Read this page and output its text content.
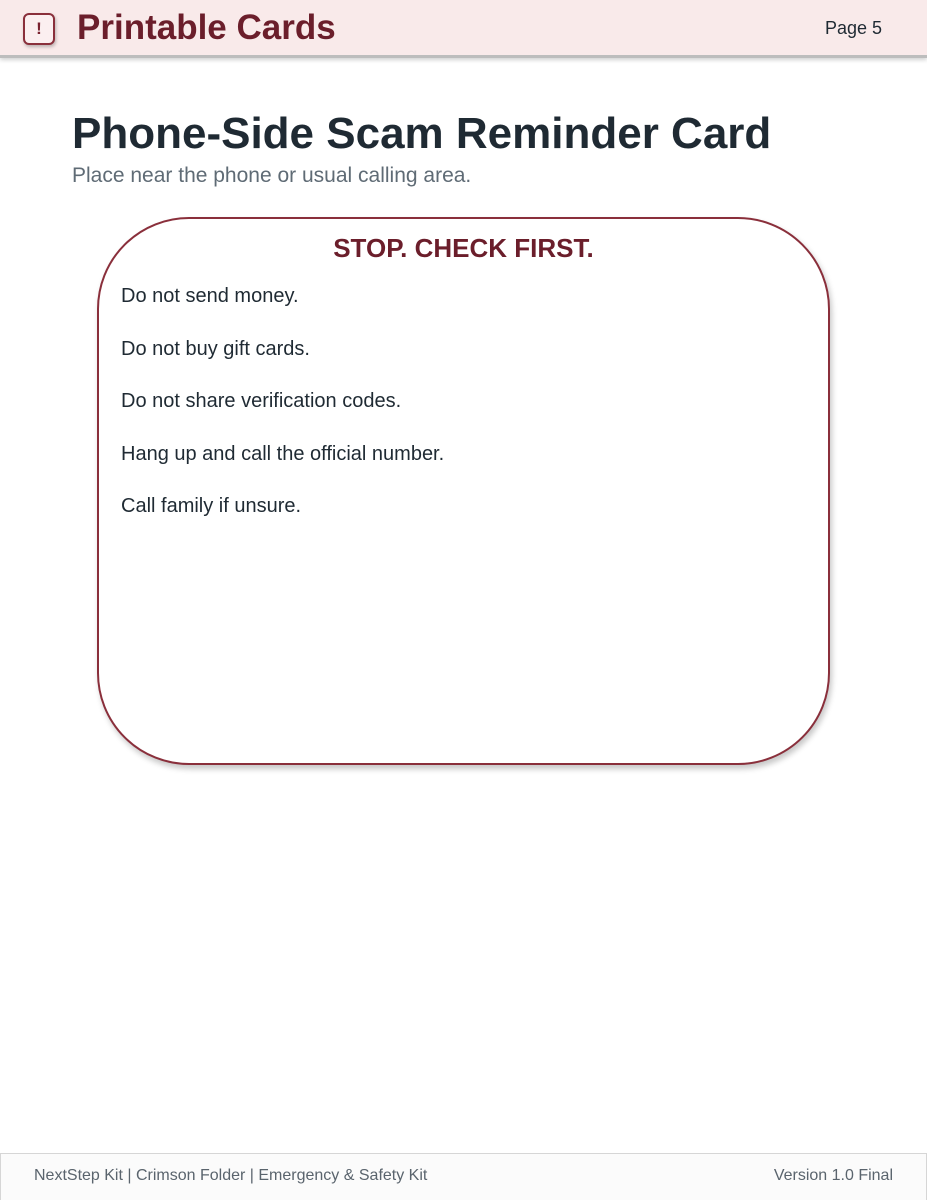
!	Printable Cards	Page 5
Phone-Side Scam Reminder Card
Place near the phone or usual calling area.
STOP. CHECK FIRST.
Do not send money.
Do not buy gift cards.
Do not share verification codes.
Hang up and call the official number.
Call family if unsure.
NextStep Kit | Crimson Folder | Emergency & Safety Kit	Version 1.0 Final
